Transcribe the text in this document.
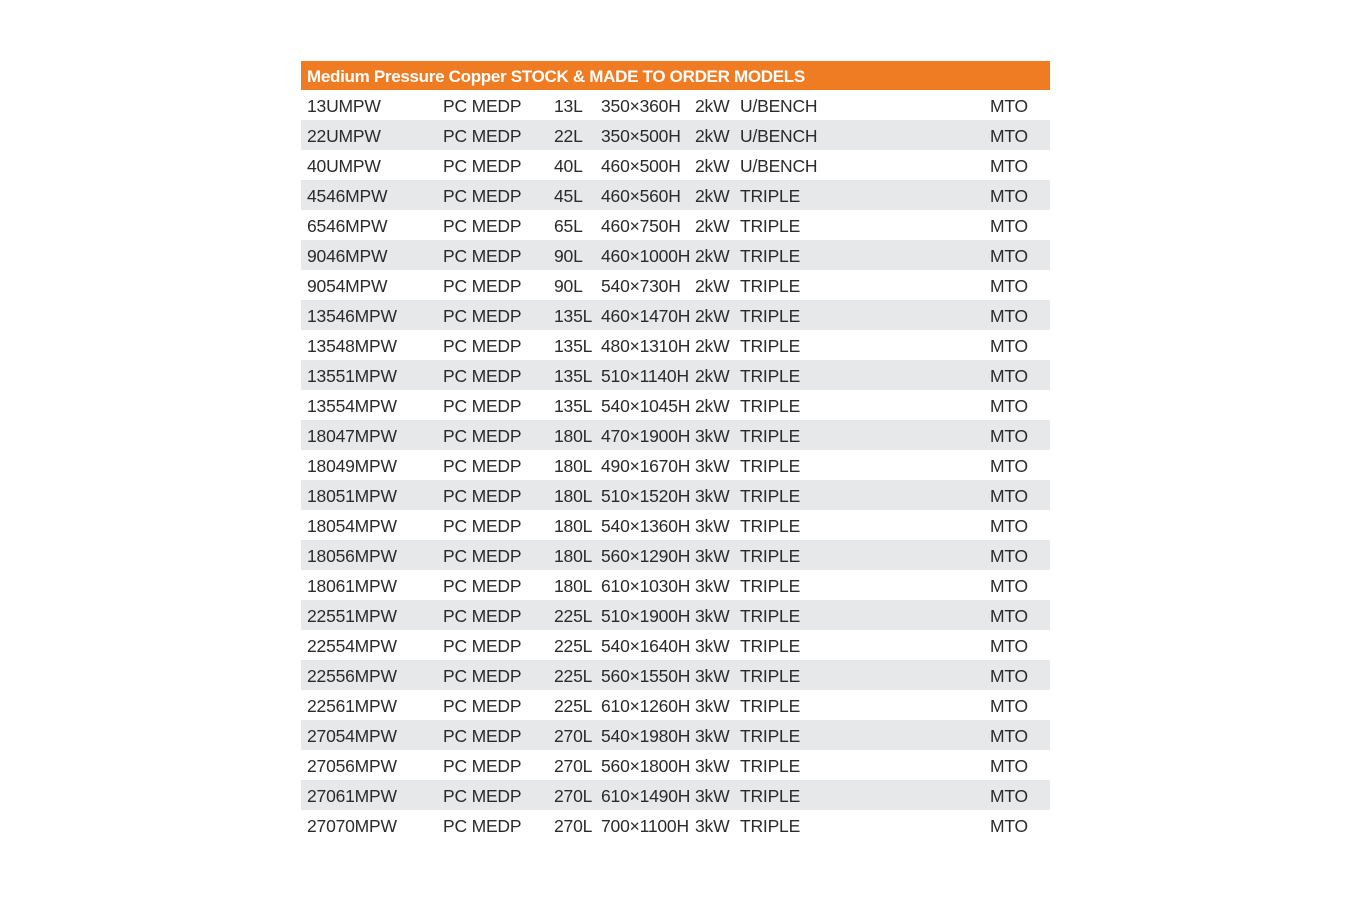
Medium Pressure Copper STOCK & MADE TO ORDER MODELS
13UMPW	PC MEDP 13L 350×360H 2kW U/BENCH	MTO
22UMPW	PC MEDP 22L 350×500H 2kW U/BENCH	MTO
40UMPW	PC MEDP 40L 460×500H 2kW U/BENCH	MTO
4546MPW	PC MEDP 45L 460×560H 2kW TRIPLE	MTO
6546MPW	PC MEDP 65L 460×750H 2kW TRIPLE	MTO
9046MPW	PC MEDP 90L 460×1000H 2kW TRIPLE	MTO
9054MPW	PC MEDP 90L 540×730H 2kW TRIPLE	MTO
13546MPW	PC MEDP 135L 460×1470H 2kW TRIPLE	MTO
13548MPW	PC MEDP 135L 480×1310H 2kW TRIPLE	MTO
13551MPW	PC MEDP 135L 510×1140H 2kW TRIPLE	MTO
13554MPW	PC MEDP 135L 540×1045H 2kW TRIPLE	MTO
18047MPW	PC MEDP 180L 470×1900H 3kW TRIPLE	MTO
18049MPW	PC MEDP 180L 490×1670H 3kW TRIPLE	MTO
18051MPW	PC MEDP 180L 510×1520H 3kW TRIPLE	MTO
18054MPW	PC MEDP 180L 540×1360H 3kW TRIPLE	MTO
18056MPW	PC MEDP 180L 560×1290H 3kW TRIPLE	MTO
18061MPW	PC MEDP 180L 610×1030H 3kW TRIPLE	MTO
22551MPW	PC MEDP 225L 510×1900H 3kW TRIPLE	MTO
22554MPW	PC MEDP 225L 540×1640H 3kW TRIPLE	MTO
22556MPW	PC MEDP 225L 560×1550H 3kW TRIPLE	MTO
22561MPW	PC MEDP 225L 610×1260H 3kW TRIPLE	MTO
27054MPW	PC MEDP 270L 540×1980H 3kW TRIPLE	MTO
27056MPW	PC MEDP 270L 560×1800H 3kW TRIPLE	MTO
27061MPW	PC MEDP 270L 610×1490H 3kW TRIPLE	MTO
27070MPW	PC MEDP 270L 700×1100H 3kW TRIPLE	MTO
